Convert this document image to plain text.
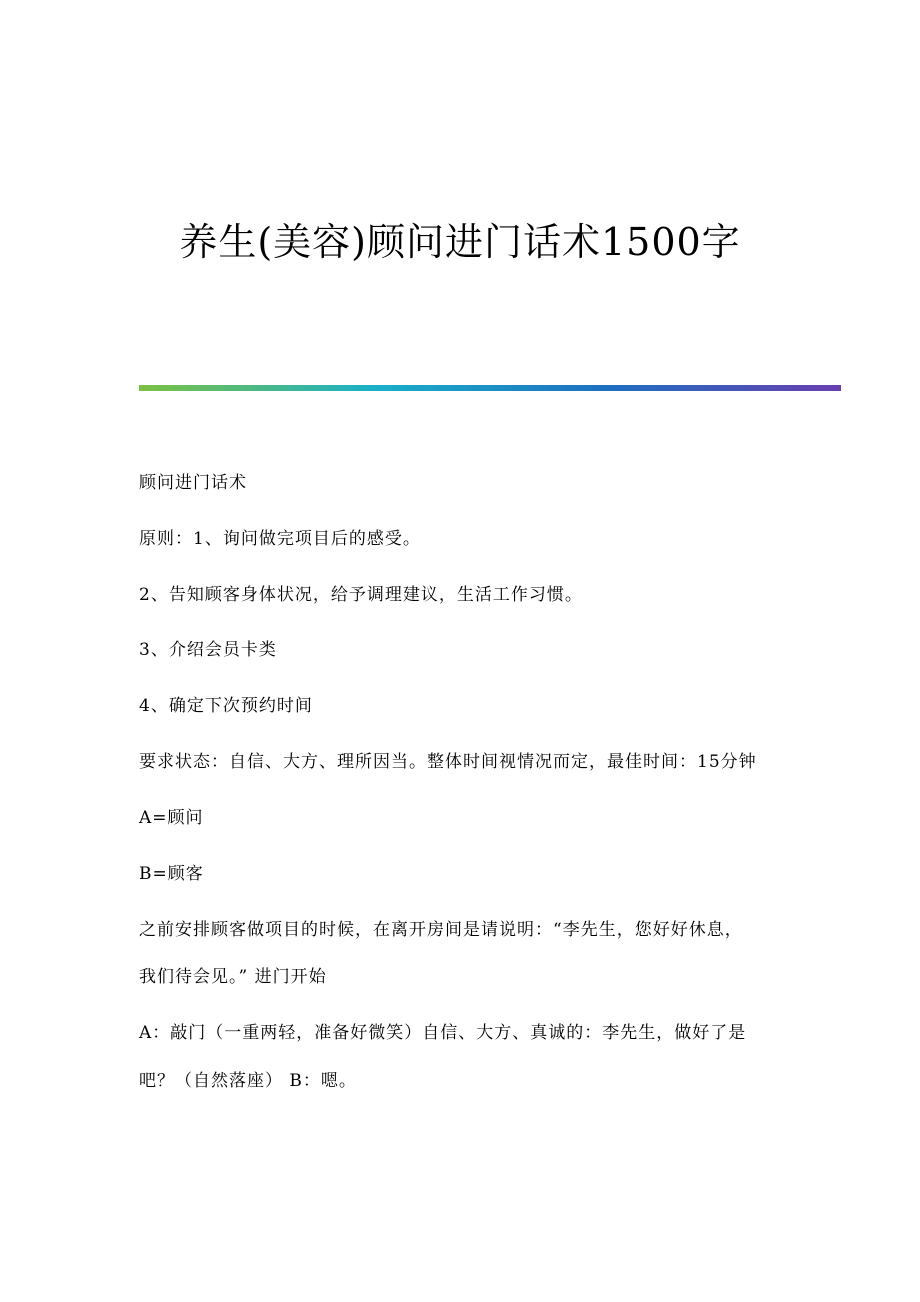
养生(美容)顾问进门话术1500字

顾问进门话术

原则：1、询问做完项目后的感受。

2、告知顾客身体状况，给予调理建议，生活工作习惯。

3、介绍会员卡类

4、确定下次预约时间

要求状态：自信、大方、理所因当。整体时间视情况而定，最佳时间：15分钟

A=顾问

B=顾客

之前安排顾客做项目的时候，在离开房间是请说明：“李先生，您好好休息，

我们待会见。” 进门开始

A：敲门（一重两轻，准备好微笑）自信、大方、真诚的：李先生，做好了是

吧？（自然落座） B：嗯。
